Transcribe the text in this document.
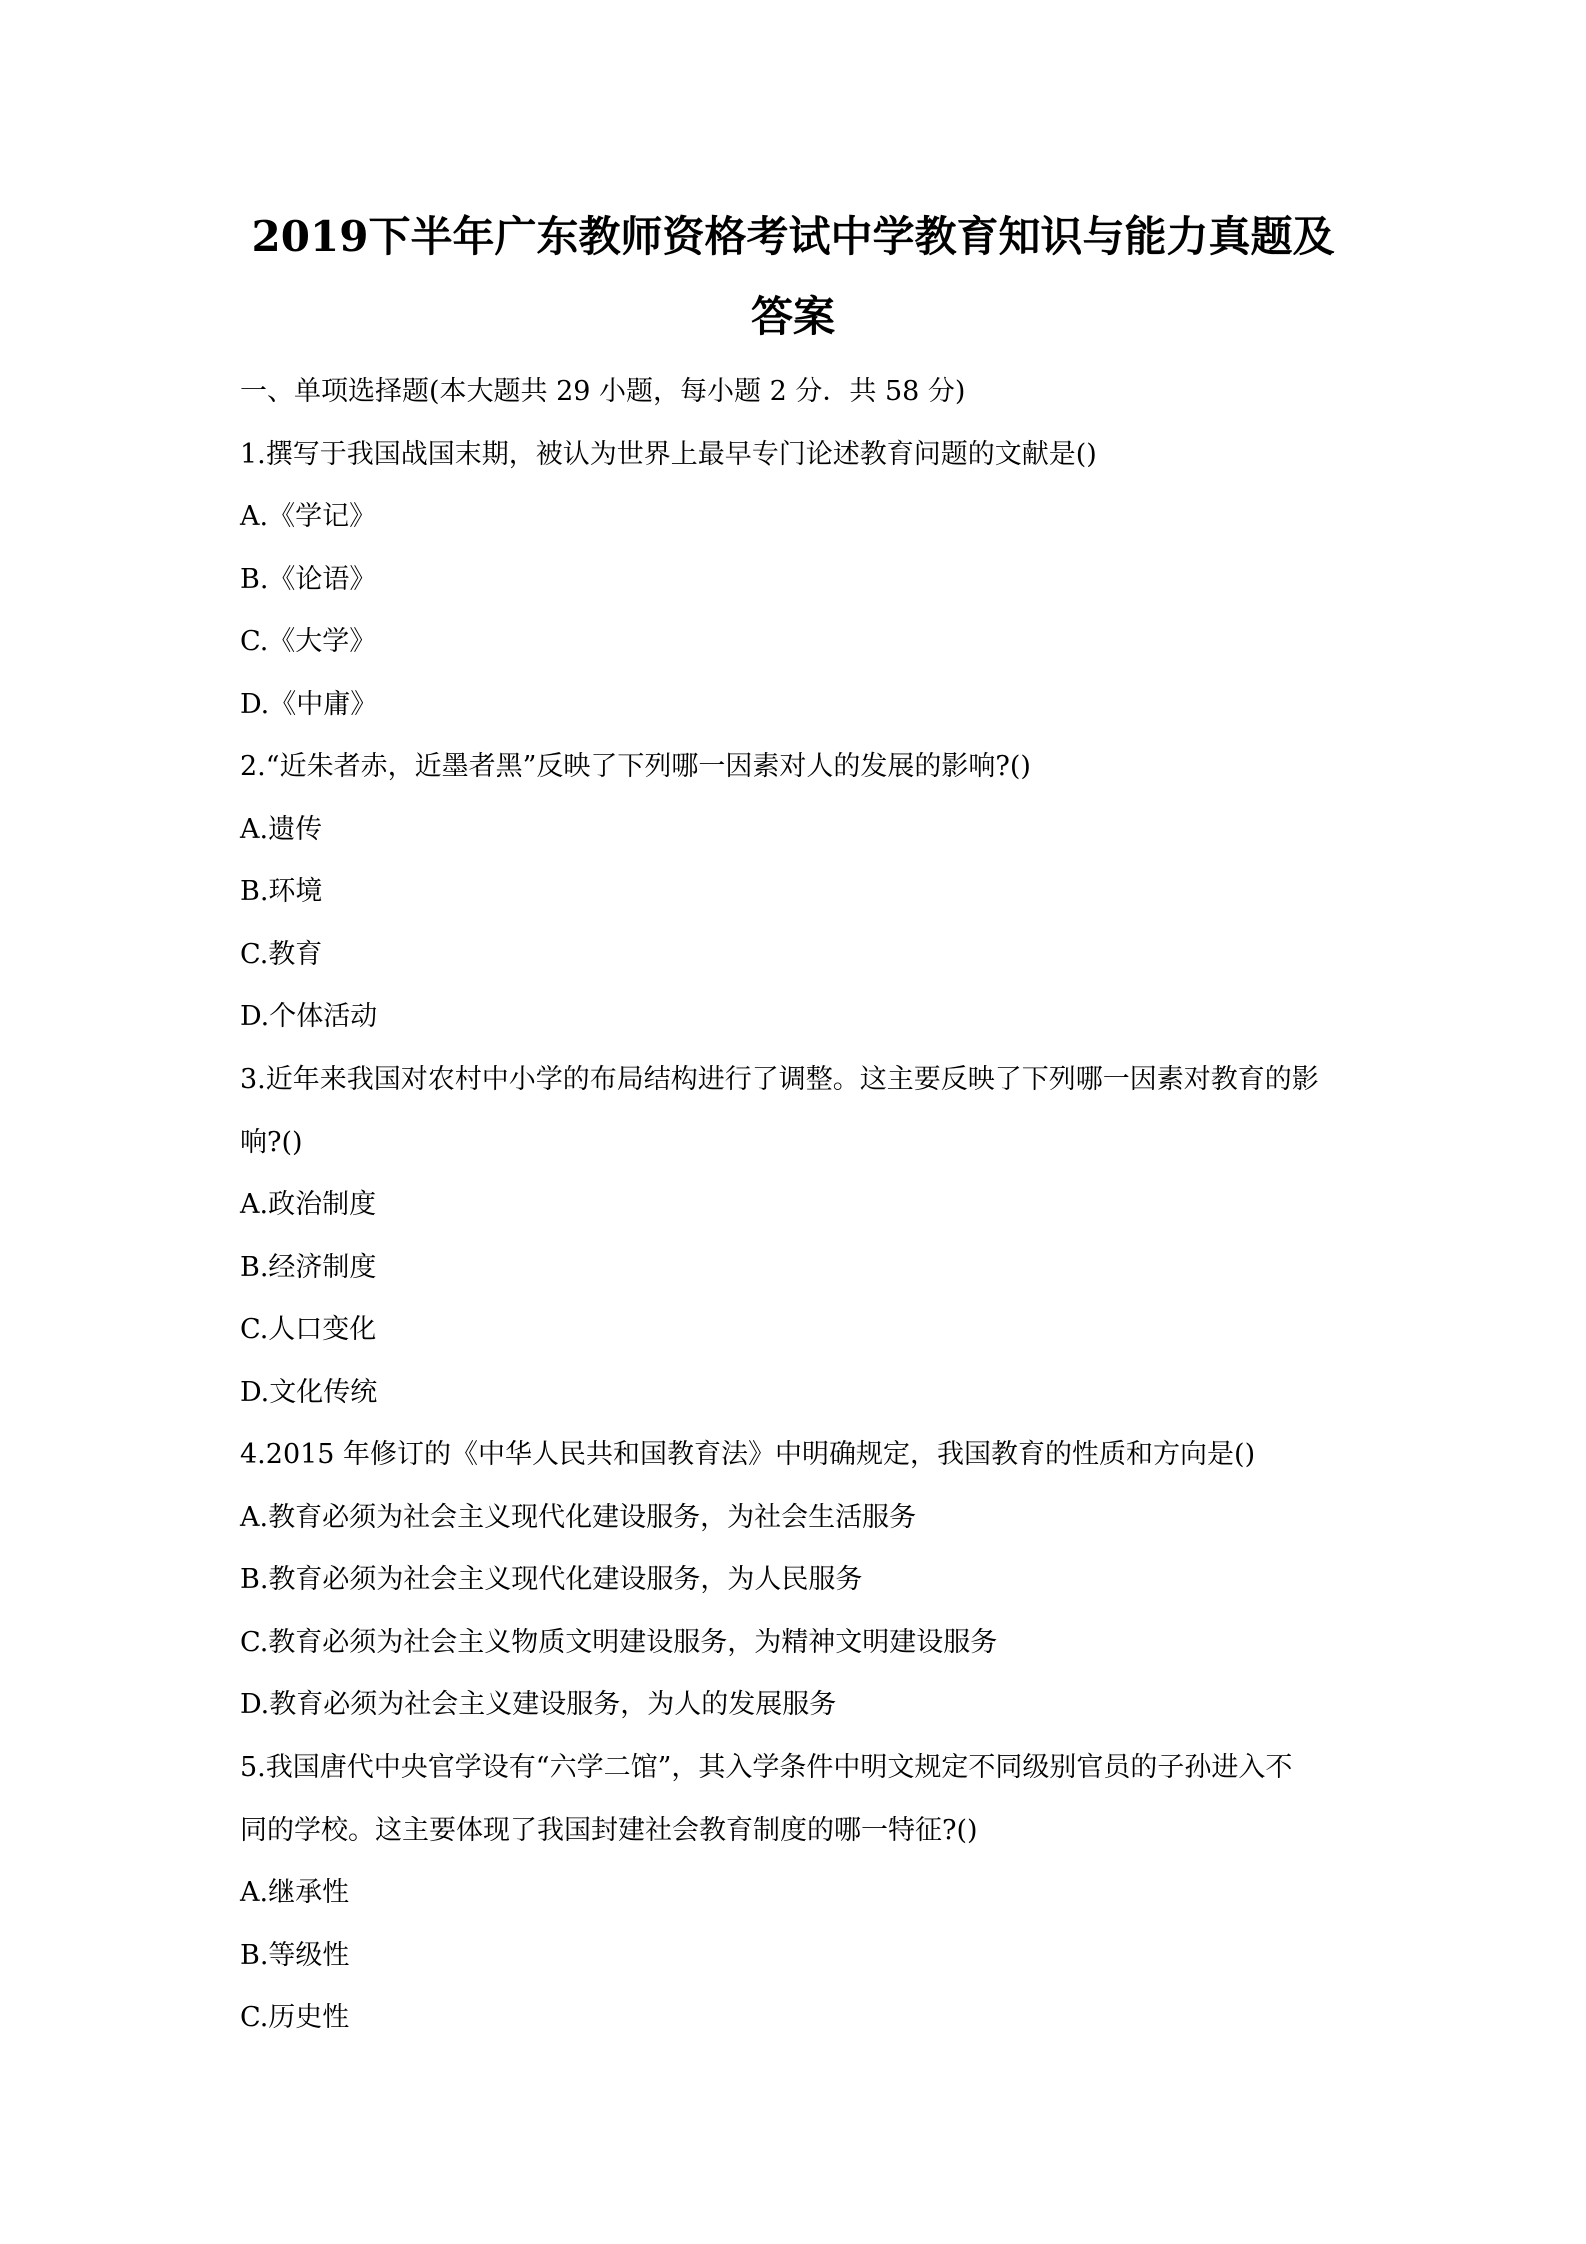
2019下半年广东教师资格考试中学教育知识与能力真题及
答案
一、单项选择题(本大题共 29 小题，每小题 2 分．共 58 分)
1.撰写于我国战国末期，被认为世界上最早专门论述教育问题的文献是()
A.《学记》
B.《论语》
C.《大学》
D.《中庸》
2.“近朱者赤，近墨者黑”反映了下列哪一因素对人的发展的影响?()
A.遗传
B.环境
C.教育
D.个体活动
3.近年来我国对农村中小学的布局结构进行了调整。这主要反映了下列哪一因素对教育的影
响?()
A.政治制度
B.经济制度
C.人口变化
D.文化传统
4.2015 年修订的《中华人民共和国教育法》中明确规定，我国教育的性质和方向是()
A.教育必须为社会主义现代化建设服务，为社会生活服务
B.教育必须为社会主义现代化建设服务，为人民服务
C.教育必须为社会主义物质文明建设服务，为精神文明建设服务
D.教育必须为社会主义建设服务，为人的发展服务
5.我国唐代中央官学设有“六学二馆”，其入学条件中明文规定不同级别官员的子孙进入不
同的学校。这主要体现了我国封建社会教育制度的哪一特征?()
A.继承性
B.等级性
C.历史性
